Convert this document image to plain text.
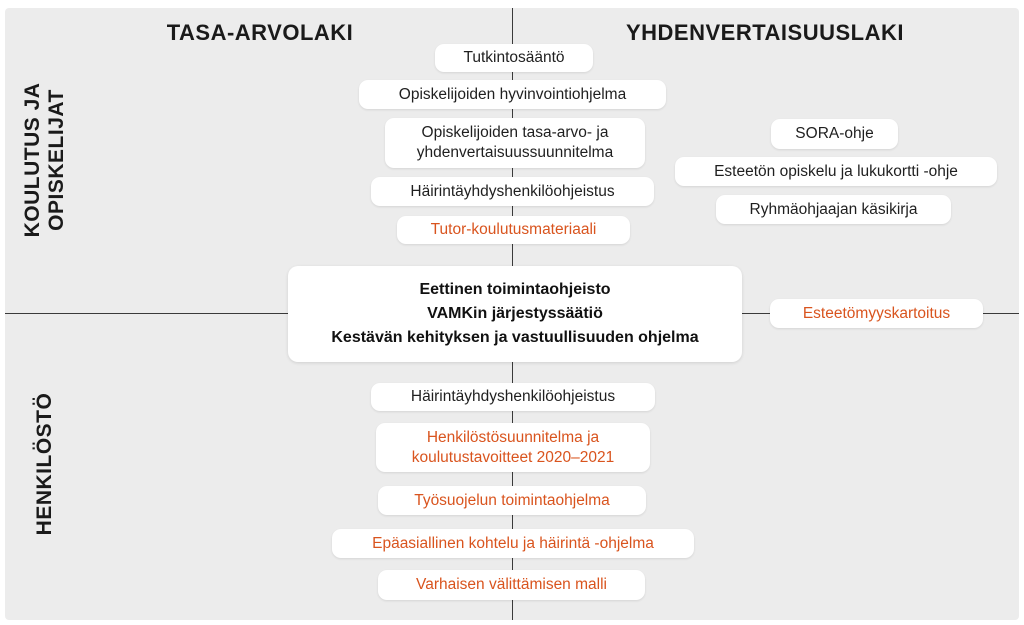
TASA-ARVOLAKI	YHDENVERTAISUUSLAKI
KOULUTUS JA OPISKELIJAT
HENKILÖSTÖ
Tutkintosääntö
Opiskelijoiden hyvinvointiohjelma
Opiskelijoiden tasa-arvo- ja
yhdenvertaisuussuunnitelma
Häirintäyhdyshenkilöohjeistus
Tutor-koulutusmateriaali
SORA-ohje
Esteetön opiskelu ja lukukortti -ohje
Ryhmäohjaajan käsikirja
Eettinen toimintaohjeisto
VAMKin järjestyssäätiö
Kestävän kehityksen ja vastuullisuuden ohjelma
Esteetömyyskartoitus
Häirintäyhdyshenkilöohjeistus
Henkilöstösuunnitelma ja
koulutustavoitteet 2020–2021
Työsuojelun toimintaohjelma
Epäasiallinen kohtelu ja häirintä -ohjelma
Varhaisen välittämisen malli
